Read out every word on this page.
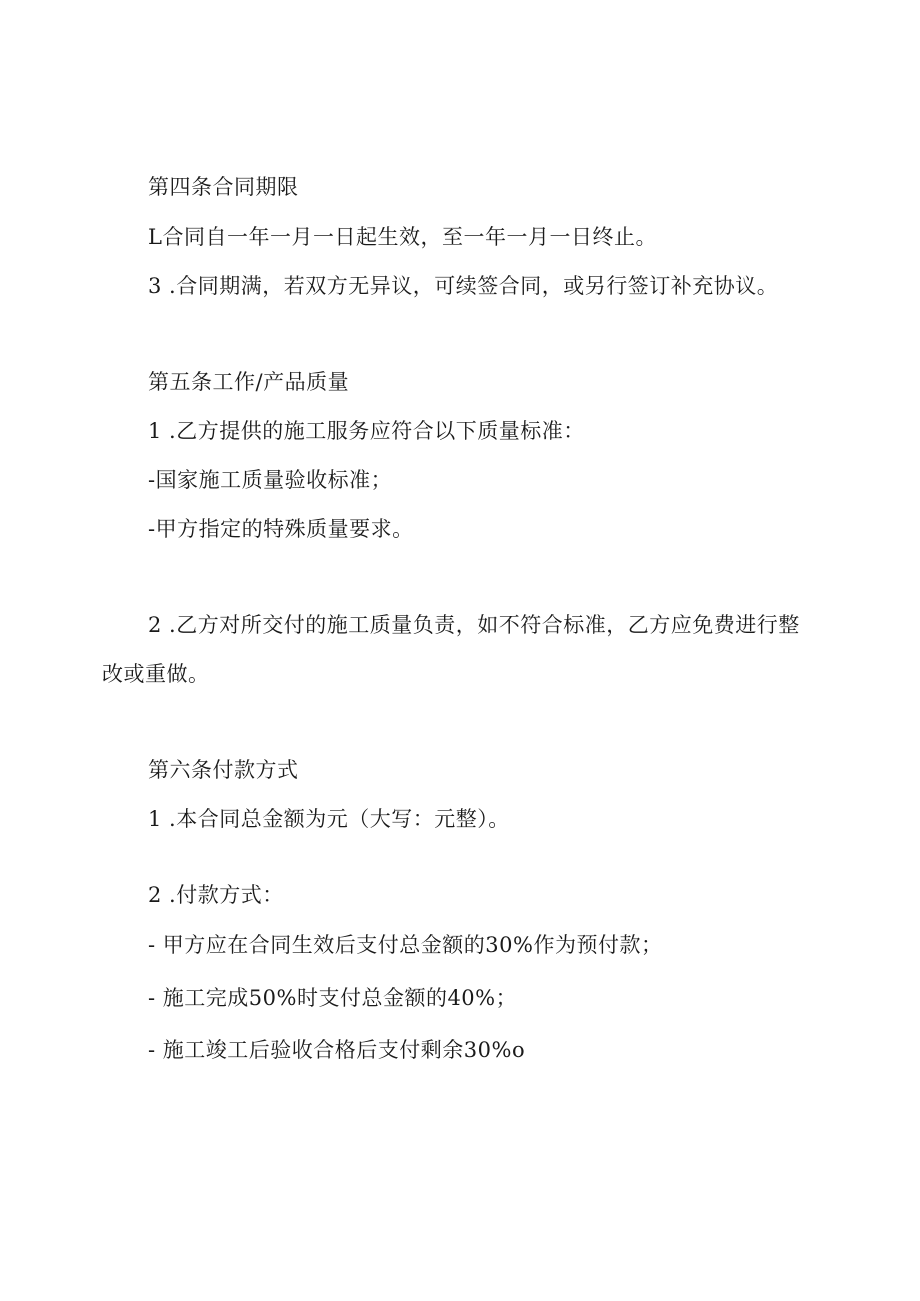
第四条合同期限
L合同自一年一月一日起生效，至一年一月一日终止。
3 .合同期满，若双方无异议，可续签合同，或另行签订补充协议。
第五条工作/产品质量
1 .乙方提供的施工服务应符合以下质量标准：
-国家施工质量验收标准；
-甲方指定的特殊质量要求。
2 .乙方对所交付的施工质量负责，如不符合标准，乙方应免费进行整
改或重做。
第六条付款方式
1 .本合同总金额为元（大写：元整）。
2 .付款方式：
- 甲方应在合同生效后支付总金额的30%作为预付款；
- 施工完成50%时支付总金额的40%；
- 施工竣工后验收合格后支付剩余30%o
